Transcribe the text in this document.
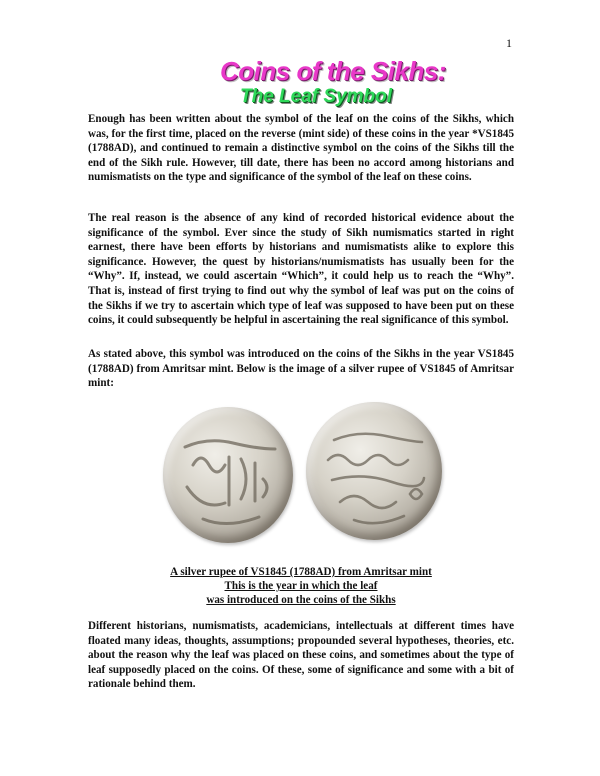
1
Coins of the Sikhs:
The Leaf Symbol

Enough has been written about the symbol of the leaf on the coins of the Sikhs, which was, for the first time, placed on the reverse (mint side) of these coins in the year *VS1845 (1788AD), and continued to remain a distinctive symbol on the coins of the Sikhs till the end of the Sikh rule. However, till date, there has been no accord among historians and numismatists on the type and significance of the symbol of the leaf on these coins.

The real reason is the absence of any kind of recorded historical evidence about the significance of the symbol. Ever since the study of Sikh numismatics started in right earnest, there have been efforts by historians and numismatists alike to explore this significance. However, the quest by historians/numismatists has usually been for the “Why”. If, instead, we could ascertain “Which”, it could help us to reach the “Why”. That is, instead of first trying to find out why the symbol of leaf was put on the coins of the Sikhs if we try to ascertain which type of leaf was supposed to have been put on these coins, it could subsequently be helpful in ascertaining the real significance of this symbol.

As stated above, this symbol was introduced on the coins of the Sikhs in the year VS1845 (1788AD) from Amritsar mint. Below is the image of a silver rupee of VS1845 of Amritsar mint:

A silver rupee of VS1845 (1788AD) from Amritsar mint
This is the year in which the leaf
was introduced on the coins of the Sikhs

Different historians, numismatists, academicians, intellectuals at different times have floated many ideas, thoughts, assumptions; propounded several hypotheses, theories, etc. about the reason why the leaf was placed on these coins, and sometimes about the type of leaf supposedly placed on the coins. Of these, some of significance and some with a bit of rationale behind them.
